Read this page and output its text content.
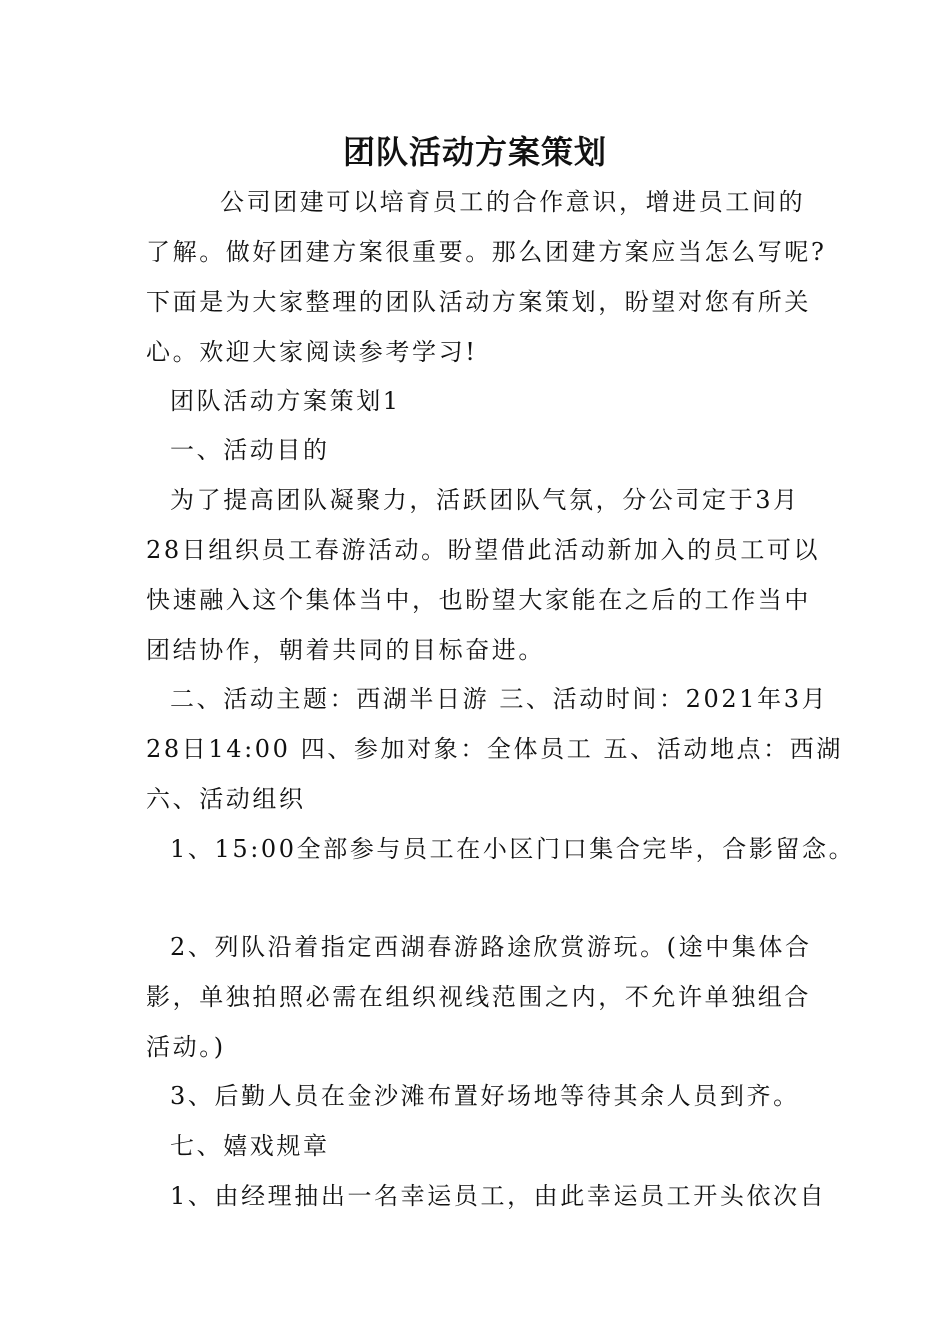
团队活动方案策划

公司团建可以培育员工的合作意识，增进员工间的

了解。做好团建方案很重要。那么团建方案应当怎么写呢?

下面是为大家整理的团队活动方案策划，盼望对您有所关

心。欢迎大家阅读参考学习!

团队活动方案策划1

一、活动目的

为了提高团队凝聚力，活跃团队气氛，分公司定于3月

28日组织员工春游活动。盼望借此活动新加入的员工可以

快速融入这个集体当中，也盼望大家能在之后的工作当中

团结协作，朝着共同的目标奋进。

二、活动主题：西湖半日游 三、活动时间：2021年3月

28日14:00 四、参加对象：全体员工 五、活动地点：西湖

六、活动组织

1、15:00全部参与员工在小区门口集合完毕，合影留念。

2、列队沿着指定西湖春游路途欣赏游玩。(途中集体合

影，单独拍照必需在组织视线范围之内，不允许单独组合

活动。)

3、后勤人员在金沙滩布置好场地等待其余人员到齐。

七、嬉戏规章

1、由经理抽出一名幸运员工，由此幸运员工开头依次自
